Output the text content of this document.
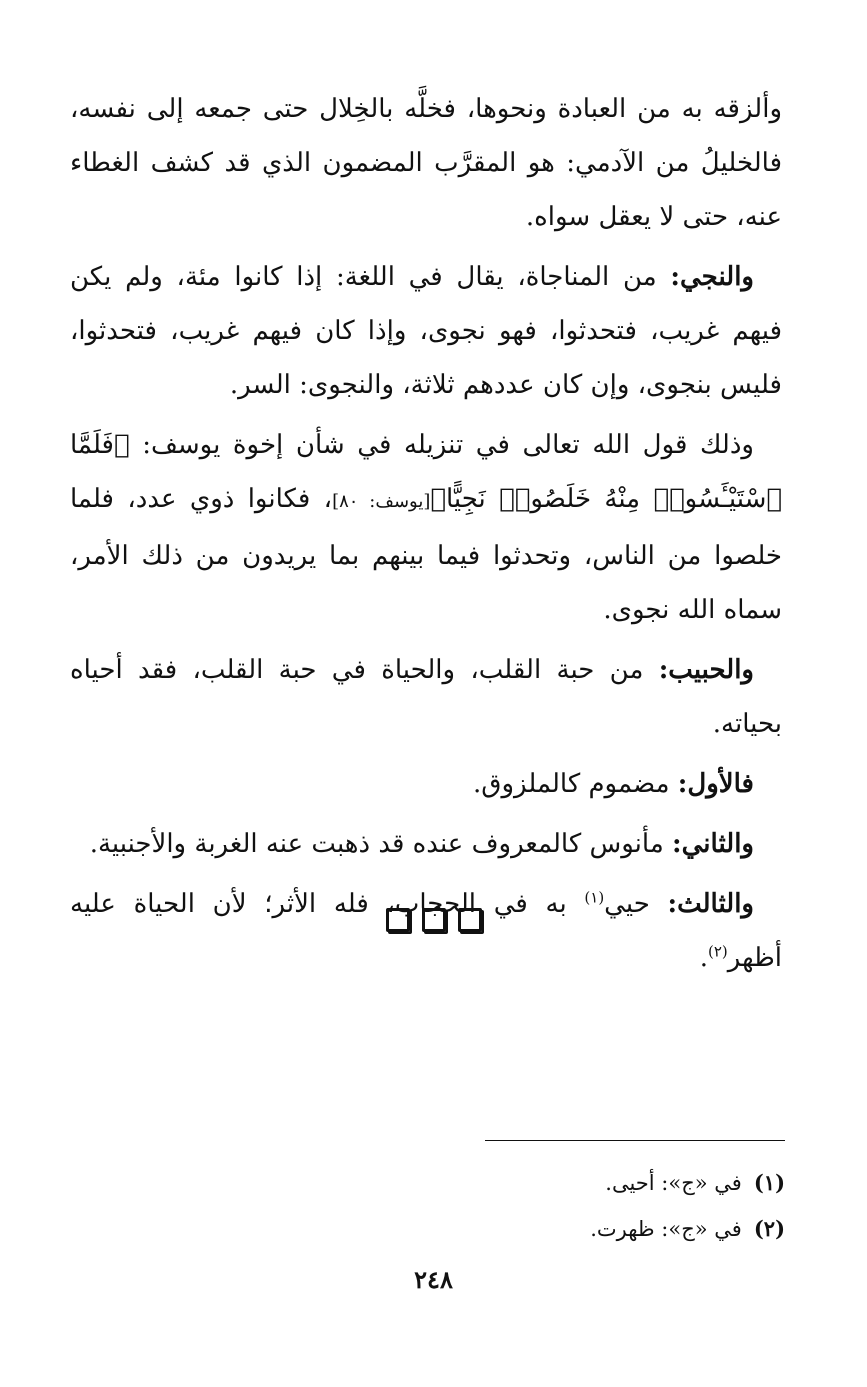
وألزقه به من العبادة ونحوها، فخلَّه بالخِلال حتى جمعه إلى نفسه، فالخليلُ من الآدمي: هو المقرَّب المضمون الذي قد كشف الغطاء عنه، حتى لا يعقل سواه.

والنجي: من المناجاة، يقال في اللغة: إذا كانوا مئة، ولم يكن فيهم غريب، فتحدثوا، فهو نجوى، وإذا كان فيهم غريب، فتحدثوا، فليس بنجوى، وإن كان عددهم ثلاثة، والنجوى: السر.

وذلك قول الله تعالى في تنزيله في شأن إخوة يوسف: ﴿فَلَمَّا ٱسْتَيْـَٔسُوا۟ مِنْهُ خَلَصُوا۟ نَجِيًّا﴾[يوسف: ٨٠]، فكانوا ذوي عدد، فلما خلصوا من الناس، وتحدثوا فيما بينهم بما يريدون من ذلك الأمر، سماه الله نجوى.

والحبيب: من حبة القلب، والحياة في حبة القلب، فقد أحياه بحياته.

فالأول: مضموم كالملزوق.

والثاني: مأنوس كالمعروف عنده قد ذهبت عنه الغربة والأجنبية.

والثالث: حيي$^{(١)}$ به في الحجاب، فله الأثر؛ لأن الحياة عليه أظهر$^{(٢)}$.

(١)في «ج»: أحيى.
(٢)في «ج»: ظهرت.
٢٤٨
